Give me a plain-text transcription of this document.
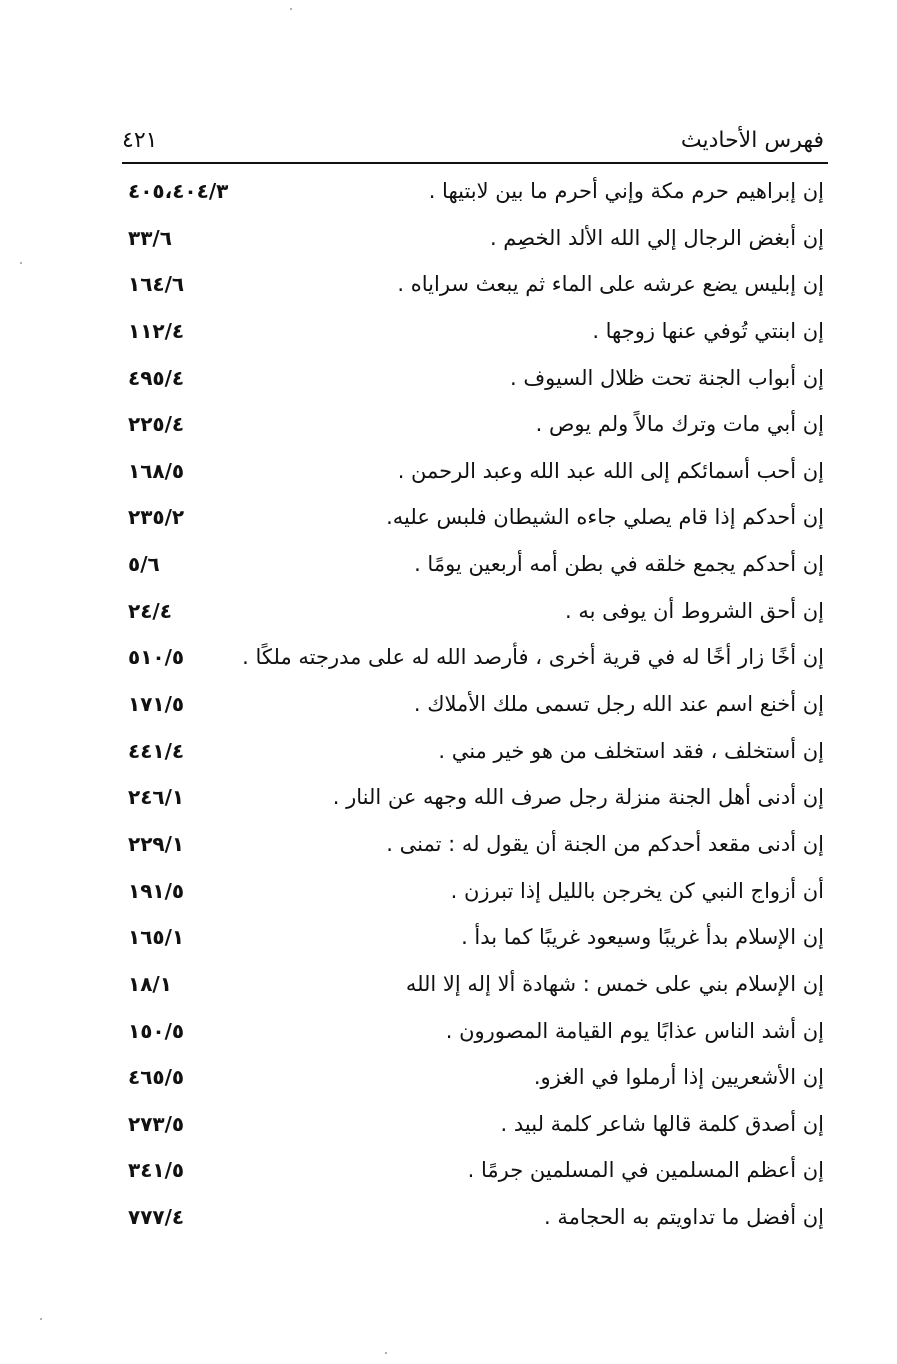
فهرس الأحاديث
٤٢١
إن إبراهيم حرم مكة وإني أحرم ما بين لابتيها .
٤٠٥،٤٠٤/٣
إن أبغض الرجال إلي الله الألد الخصِم .
٣٣/٦
إن إبليس يضع عرشه على الماء ثم يبعث سراياه .
١٦٤/٦
إن ابنتي تُوفي عنها زوجها .
١١٢/٤
إن أبواب الجنة تحت ظلال السيوف .
٤٩٥/٤
إن أبي مات وترك مالاً ولم يوص .
٢٢٥/٤
إن أحب أسمائكم إلى الله عبد الله وعبد الرحمن .
١٦٨/٥
إن أحدكم إذا قام يصلي جاءه الشيطان فلبس عليه.
٢٣٥/٢
إن أحدكم يجمع خلقه في بطن أمه أربعين يومًا .
٥/٦
إن أحق الشروط أن يوفى به .
٢٤/٤
إن أخًا زار أخًا له في قرية أخرى ، فأرصد الله له على مدرجته ملكًا .
٥١٠/٥
إن أخنع اسم عند الله رجل تسمى ملك الأملاك .
١٧١/٥
إن أستخلف ، فقد استخلف من هو خير مني .
٤٤١/٤
إن أدنى أهل الجنة منزلة رجل صرف الله وجهه عن النار .
٢٤٦/١
إن أدنى مقعد أحدكم من الجنة أن يقول له : تمنى .
٢٢٩/١
أن أزواج النبي كن يخرجن بالليل إذا تبرزن .
١٩١/٥
إن الإسلام بدأ غريبًا وسيعود غريبًا كما بدأ .
١٦٥/١
إن الإسلام بني على خمس : شهادة ألا إله إلا الله
١٨/١
إن أشد الناس عذابًا يوم القيامة المصورون .
١٥٠/٥
إن الأشعريين إذا أرملوا في الغزو.
٤٦٥/٥
إن أصدق كلمة قالها شاعر كلمة لبيد .
٢٧٣/٥
إن أعظم المسلمين في المسلمين جرمًا .
٣٤١/٥
إن أفضل ما تداويتم به الحجامة .
٧٧٧/٤
